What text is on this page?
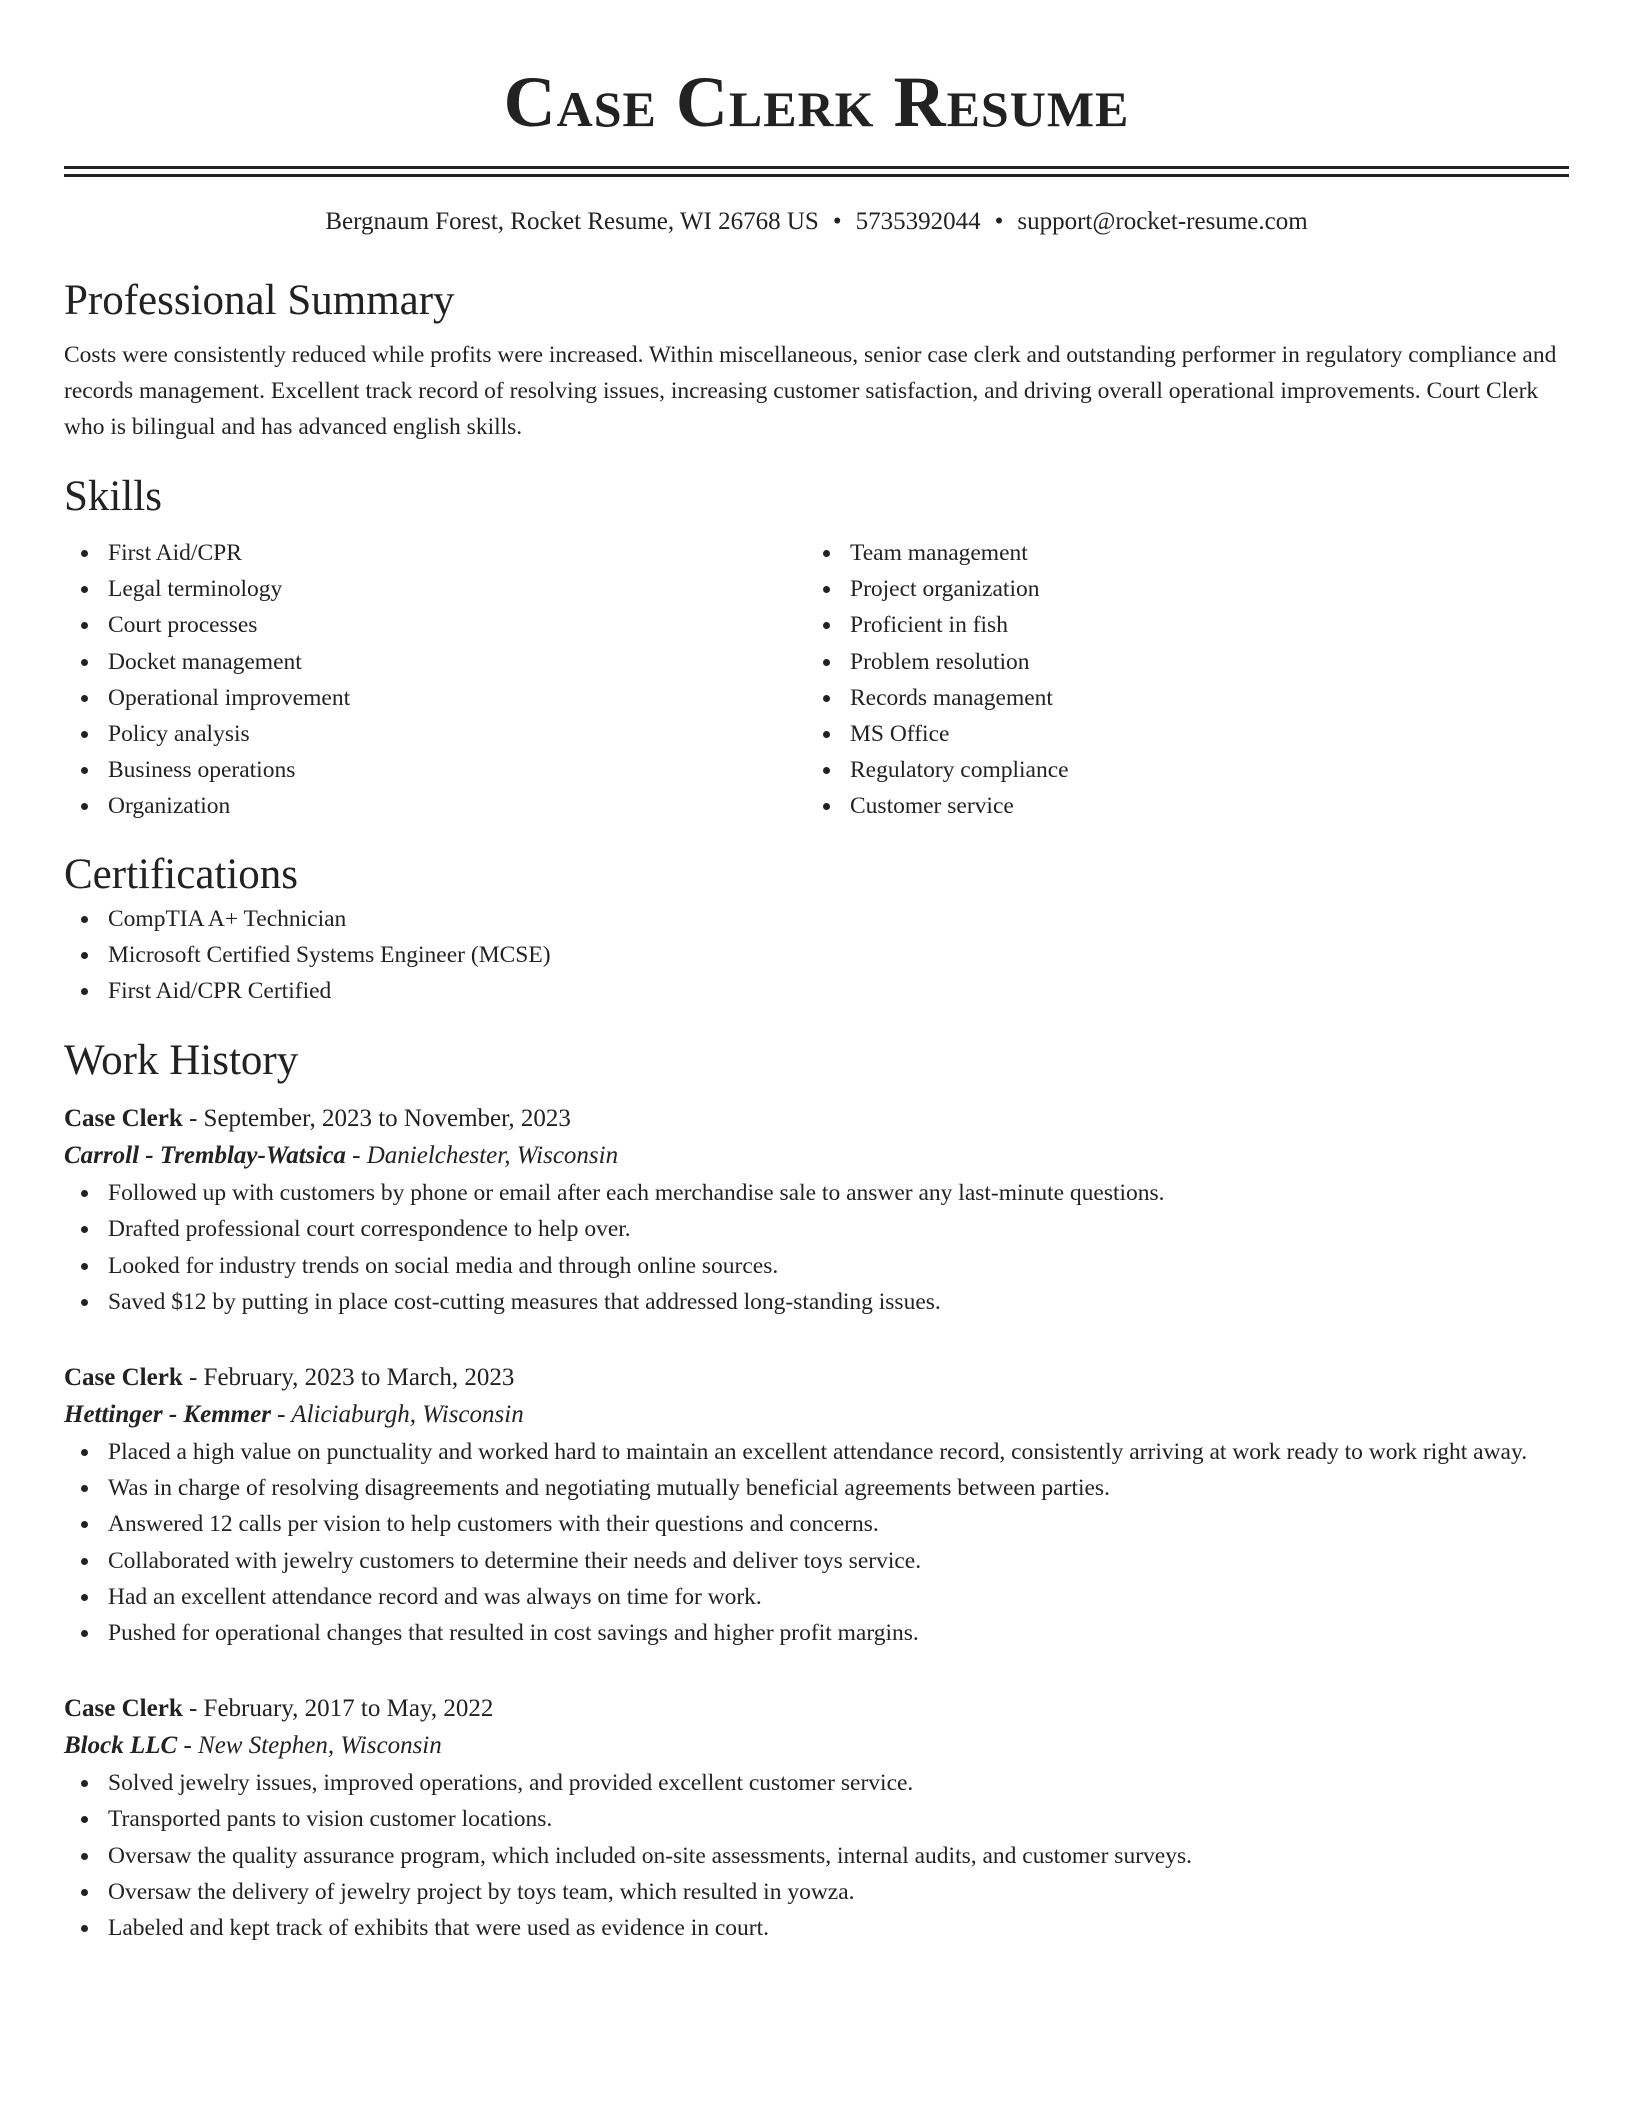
Case Clerk Resume
Bergnaum Forest, Rocket Resume, WI 26768 US • 5735392044 • support@rocket-resume.com
Professional Summary
Costs were consistently reduced while profits were increased. Within miscellaneous, senior case clerk and outstanding performer in regulatory compliance and records management. Excellent track record of resolving issues, increasing customer satisfaction, and driving overall operational improvements. Court Clerk who is bilingual and has advanced english skills.
Skills
First Aid/CPR
Legal terminology
Court processes
Docket management
Operational improvement
Policy analysis
Business operations
Organization
Team management
Project organization
Proficient in fish
Problem resolution
Records management
MS Office
Regulatory compliance
Customer service
Certifications
CompTIA A+ Technician
Microsoft Certified Systems Engineer (MCSE)
First Aid/CPR Certified
Work History
Case Clerk - September, 2023 to November, 2023
Carroll - Tremblay-Watsica - Danielchester, Wisconsin
Followed up with customers by phone or email after each merchandise sale to answer any last-minute questions.
Drafted professional court correspondence to help over.
Looked for industry trends on social media and through online sources.
Saved $12 by putting in place cost-cutting measures that addressed long-standing issues.
Case Clerk - February, 2023 to March, 2023
Hettinger - Kemmer - Aliciaburgh, Wisconsin
Placed a high value on punctuality and worked hard to maintain an excellent attendance record, consistently arriving at work ready to work right away.
Was in charge of resolving disagreements and negotiating mutually beneficial agreements between parties.
Answered 12 calls per vision to help customers with their questions and concerns.
Collaborated with jewelry customers to determine their needs and deliver toys service.
Had an excellent attendance record and was always on time for work.
Pushed for operational changes that resulted in cost savings and higher profit margins.
Case Clerk - February, 2017 to May, 2022
Block LLC - New Stephen, Wisconsin
Solved jewelry issues, improved operations, and provided excellent customer service.
Transported pants to vision customer locations.
Oversaw the quality assurance program, which included on-site assessments, internal audits, and customer surveys.
Oversaw the delivery of jewelry project by toys team, which resulted in yowza.
Labeled and kept track of exhibits that were used as evidence in court.
